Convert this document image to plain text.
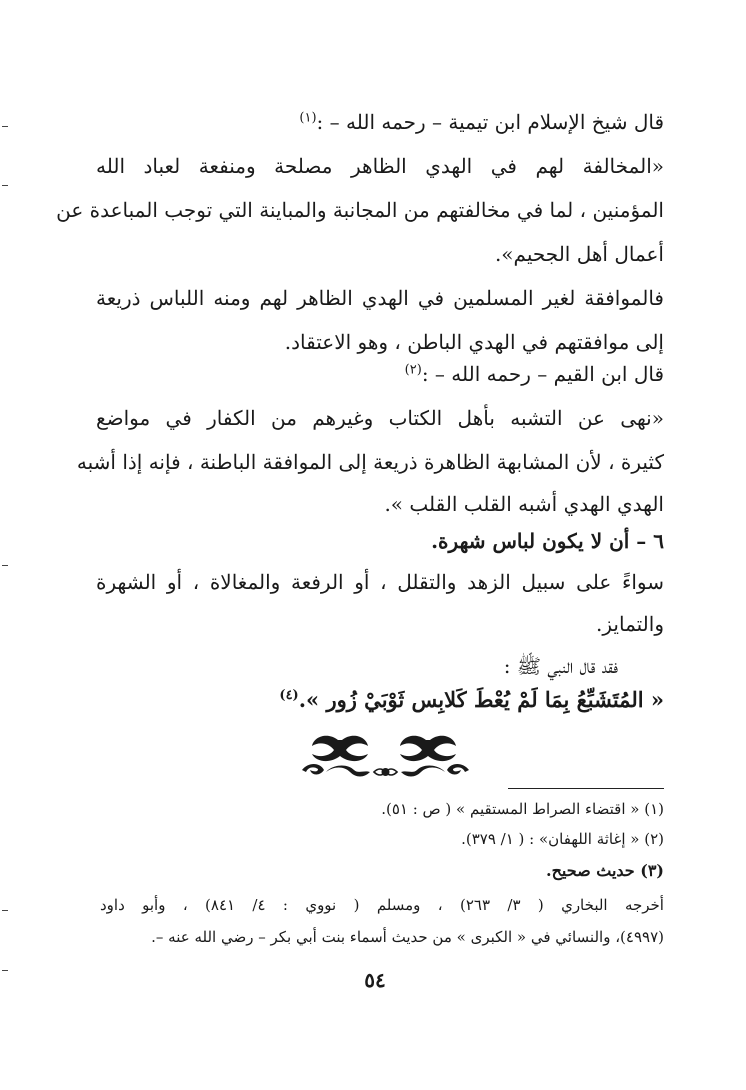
قال شيخ الإسلام ابن تيمية – رحمه الله – :$^{(١)}$
«المخالفة لهم في الهدي الظاهر مصلحة ومنفعة لعباد الله
المؤمنين ، لما في مخالفتهم من المجانبة والمباينة التي توجب المباعدة عن
أعمال أهل الجحيم».
فالموافقة لغير المسلمين في الهدي الظاهر لهم ومنه اللباس ذريعة
إلى موافقتهم في الهدي الباطن ، وهو الاعتقاد.
قال ابن القيم – رحمه الله – :$^{(٢)}$
«نهى عن التشبه بأهل الكتاب وغيرهم من الكفار في مواضع
كثيرة ، لأن المشابهة الظاهرة ذريعة إلى الموافقة الباطنة ، فإنه إذا أشبه
الهدي الهدي أشبه القلب القلب ».
٦ – أن لا يكون لباس شهرة.
سواءً على سبيل الزهد والتقلل ، أو الرفعة والمغالاة ، أو الشهرة
والتمايز.
فقد قال النبي ﷺ :
« المُتَشَبِّعُ بِمَا لَمْ يُعْطَ كَلابِس ثَوْبَيْ زُور ».$^{(٤)}$
(١) « اقتضاء الصراط المستقيم » ( ص : ٥١).
(٢) « إغاثة اللهفان» : ( ١/ ٣٧٩).
(٣) حديث صحيح.
أخرجه البخاري ( ٣/ ٢٦٣) ، ومسلم ( نووي : ٤/ ٨٤١) ، وأبو داود
(٤٩٩٧)، والنسائي في « الكبرى » من حديث أسماء بنت أبي بكر – رضي الله عنه –.
٥٤
